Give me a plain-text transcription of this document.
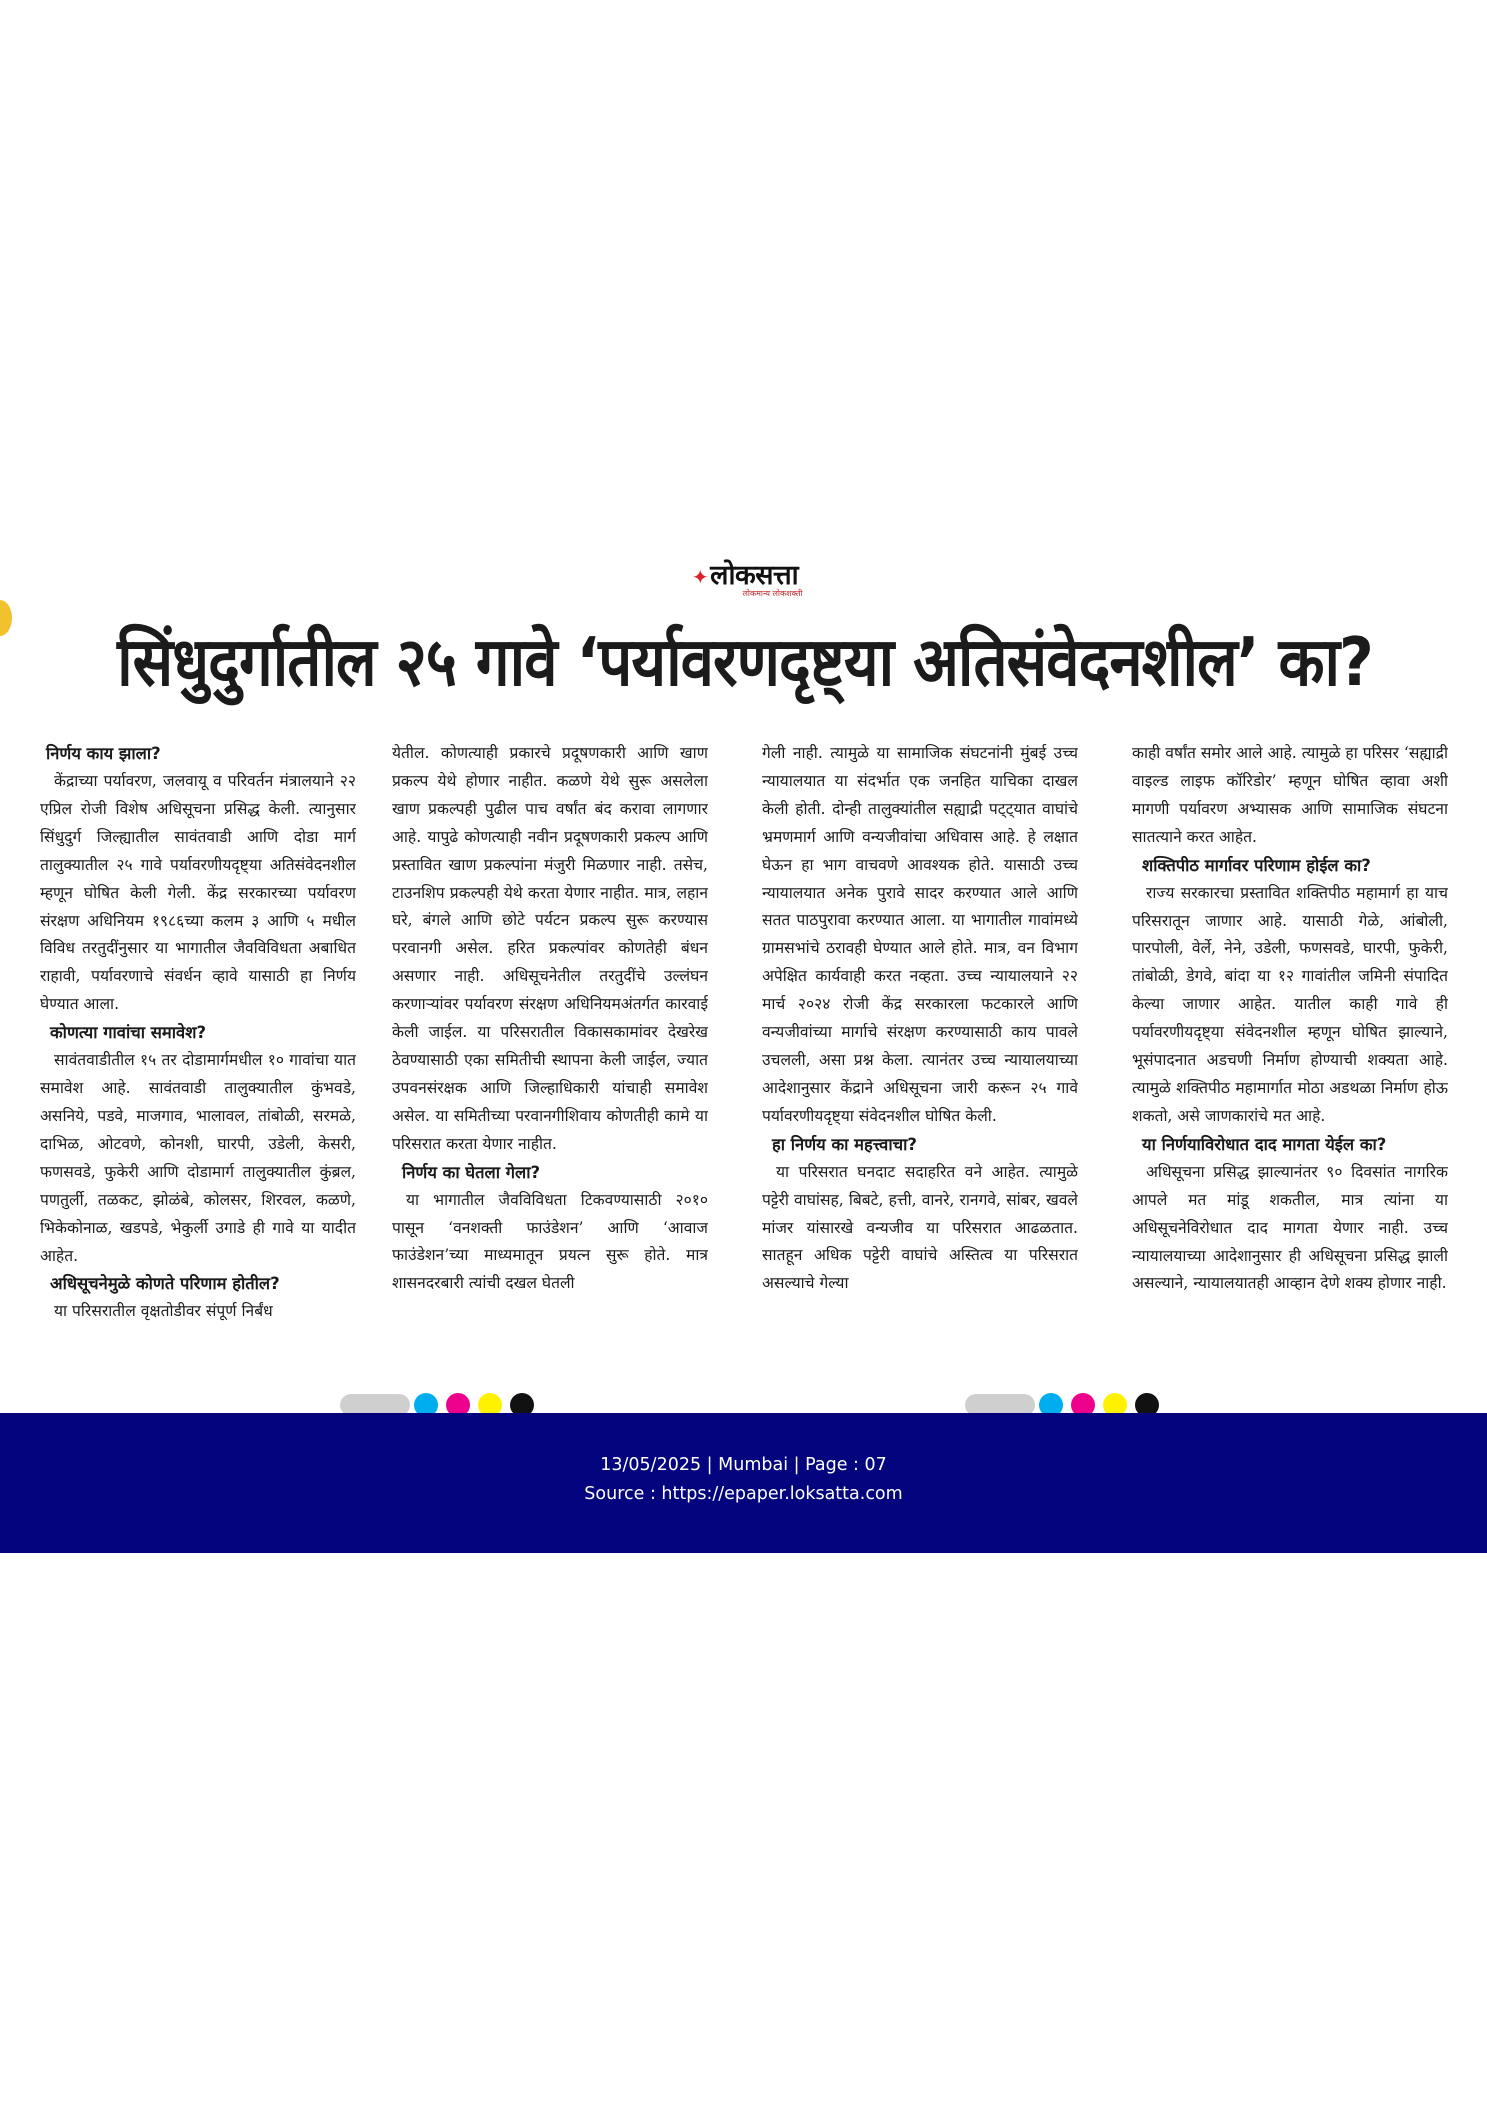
✦लोकसत्ता
लोकमान्य लोकशक्ती
सिंधुदुर्गातील २५ गावे ‘पर्यावरणदृष्ट्या अतिसंवेदनशील’ का?
निर्णय काय झाला?

केंद्राच्या पर्यावरण, जलवायू व परिवर्तन मंत्रालयाने २२ एप्रिल रोजी विशेष अधिसूचना प्रसिद्ध केली. त्यानुसार सिंधुदुर्ग जिल्ह्यातील सावंतवाडी आणि दोडा मार्ग तालुक्यातील २५ गावे पर्यावरणीयदृष्ट्या अतिसंवेदनशील म्हणून घोषित केली गेली. केंद्र सरकारच्या पर्यावरण संरक्षण अधिनियम १९८६च्या कलम ३ आणि ५ मधील विविध तरतुदींनुसार या भागातील जैवविविधता अबाधित राहावी, पर्यावरणाचे संवर्धन व्हावे यासाठी हा निर्णय घेण्यात आला.

कोणत्या गावांचा समावेश?

सावंतवाडीतील १५ तर दोडामार्गमधील १० गावांचा यात समावेश आहे. सावंतवाडी तालुक्यातील कुंभवडे, असनिये, पडवे, माजगाव, भालावल, तांबोळी, सरमळे, दाभिळ, ओटवणे, कोनशी, घारपी, उडेली, केसरी, फणसवडे, फुकेरी आणि दोडामार्ग तालुक्यातील कुंब्रल, पणतुर्ली, तळकट, झोळंबे, कोलसर, शिरवल, कळणे, भिकेकोनाळ, खडपडे, भेकुर्ली उगाडे ही गावे या यादीत आहेत.

अधिसूचनेमुळे कोणते परिणाम होतील?

या परिसरातील वृक्षतोडीवर संपूर्ण निर्बंध

येतील. कोणत्याही प्रकारचे प्रदूषणकारी आणि खाण प्रकल्प येथे होणार नाहीत. कळणे येथे सुरू असलेला खाण प्रकल्पही पुढील पाच वर्षांत बंद करावा लागणार आहे. यापुढे कोणत्याही नवीन प्रदूषणकारी प्रकल्प आणि प्रस्तावित खाण प्रकल्पांना मंजुरी मिळणार नाही. तसेच, टाउनशिप प्रकल्पही येथे करता येणार नाहीत. मात्र, लहान घरे, बंगले आणि छोटे पर्यटन प्रकल्प सुरू करण्यास परवानगी असेल. हरित प्रकल्पांवर कोणतेही बंधन असणार नाही. अधिसूचनेतील तरतुदींचे उल्लंघन करणाऱ्यांवर पर्यावरण संरक्षण अधिनियमअंतर्गत कारवाई केली जाईल. या परिसरातील विकासकामांवर देखरेख ठेवण्यासाठी एका समितीची स्थापना केली जाईल, ज्यात उपवनसंरक्षक आणि जिल्हाधिकारी यांचाही समावेश असेल. या समितीच्या परवानगीशिवाय कोणतीही कामे या परिसरात करता येणार नाहीत.

निर्णय का घेतला गेला?

या भागातील जैवविविधता टिकवण्यासाठी २०१० पासून ‘वनशक्ती फाउंडेशन’ आणि ‘आवाज फाउंडेशन’च्या माध्यमातून प्रयत्न सुरू होते. मात्र शासनदरबारी त्यांची दखल घेतली

गेली नाही. त्यामुळे या सामाजिक संघटनांनी मुंबई उच्च न्यायालयात या संदर्भात एक जनहित याचिका दाखल केली होती. दोन्ही तालुक्यांतील सह्याद्री पट्ट्यात वाघांचे भ्रमणमार्ग आणि वन्यजीवांचा अधिवास आहे. हे लक्षात घेऊन हा भाग वाचवणे आवश्यक होते. यासाठी उच्च न्यायालयात अनेक पुरावे सादर करण्यात आले आणि सतत पाठपुरावा करण्यात आला. या भागातील गावांमध्ये ग्रामसभांचे ठरावही घेण्यात आले होते. मात्र, वन विभाग अपेक्षित कार्यवाही करत नव्हता. उच्च न्यायालयाने २२ मार्च २०२४ रोजी केंद्र सरकारला फटकारले आणि वन्यजीवांच्या मार्गाचे संरक्षण करण्यासाठी काय पावले उचलली, असा प्रश्न केला. त्यानंतर उच्च न्यायालयाच्या आदेशानुसार केंद्राने अधिसूचना जारी करून २५ गावे पर्यावरणीयदृष्ट्या संवेदनशील घोषित केली.

हा निर्णय का महत्त्वाचा?

या परिसरात घनदाट सदाहरित वने आहेत. त्यामुळे पट्टेरी वाघांसह, बिबटे, हत्ती, वानरे, रानगवे, सांबर, खवले मांजर यांसारखे वन्यजीव या परिसरात आढळतात. सातहून अधिक पट्टेरी वाघांचे अस्तित्व या परिसरात असल्याचे गेल्या

काही वर्षांत समोर आले आहे. त्यामुळे हा परिसर ‘सह्याद्री वाइल्ड लाइफ कॉरिडोर’ म्हणून घोषित व्हावा अशी मागणी पर्यावरण अभ्यासक आणि सामाजिक संघटना सातत्याने करत आहेत.

शक्तिपीठ मार्गावर परिणाम होईल का?

राज्य सरकारचा प्रस्तावित शक्तिपीठ महामार्ग हा याच परिसरातून जाणार आहे. यासाठी गेळे, आंबोली, पारपोली, वेर्ले, नेने, उडेली, फणसवडे, घारपी, फुकेरी, तांबोळी, डेगवे, बांदा या १२ गावांतील जमिनी संपादित केल्या जाणार आहेत. यातील काही गावे ही पर्यावरणीयदृष्ट्या संवेदनशील म्हणून घोषित झाल्याने, भूसंपादनात अडचणी निर्माण होण्याची शक्यता आहे. त्यामुळे शक्तिपीठ महामार्गात मोठा अडथळा निर्माण होऊ शकतो, असे जाणकारांचे मत आहे.

या निर्णयाविरोधात दाद मागता येईल का?

अधिसूचना प्रसिद्ध झाल्यानंतर ९० दिवसांत नागरिक आपले मत मांडू शकतील, मात्र त्यांना या अधिसूचनेविरोधात दाद मागता येणार नाही. उच्च न्यायालयाच्या आदेशानुसार ही अधिसूचना प्रसिद्ध झाली असल्याने, न्यायालयातही आव्हान देणे शक्य होणार नाही.

13/05/2025 | Mumbai | Page : 07
Source : https://epaper.loksatta.com
